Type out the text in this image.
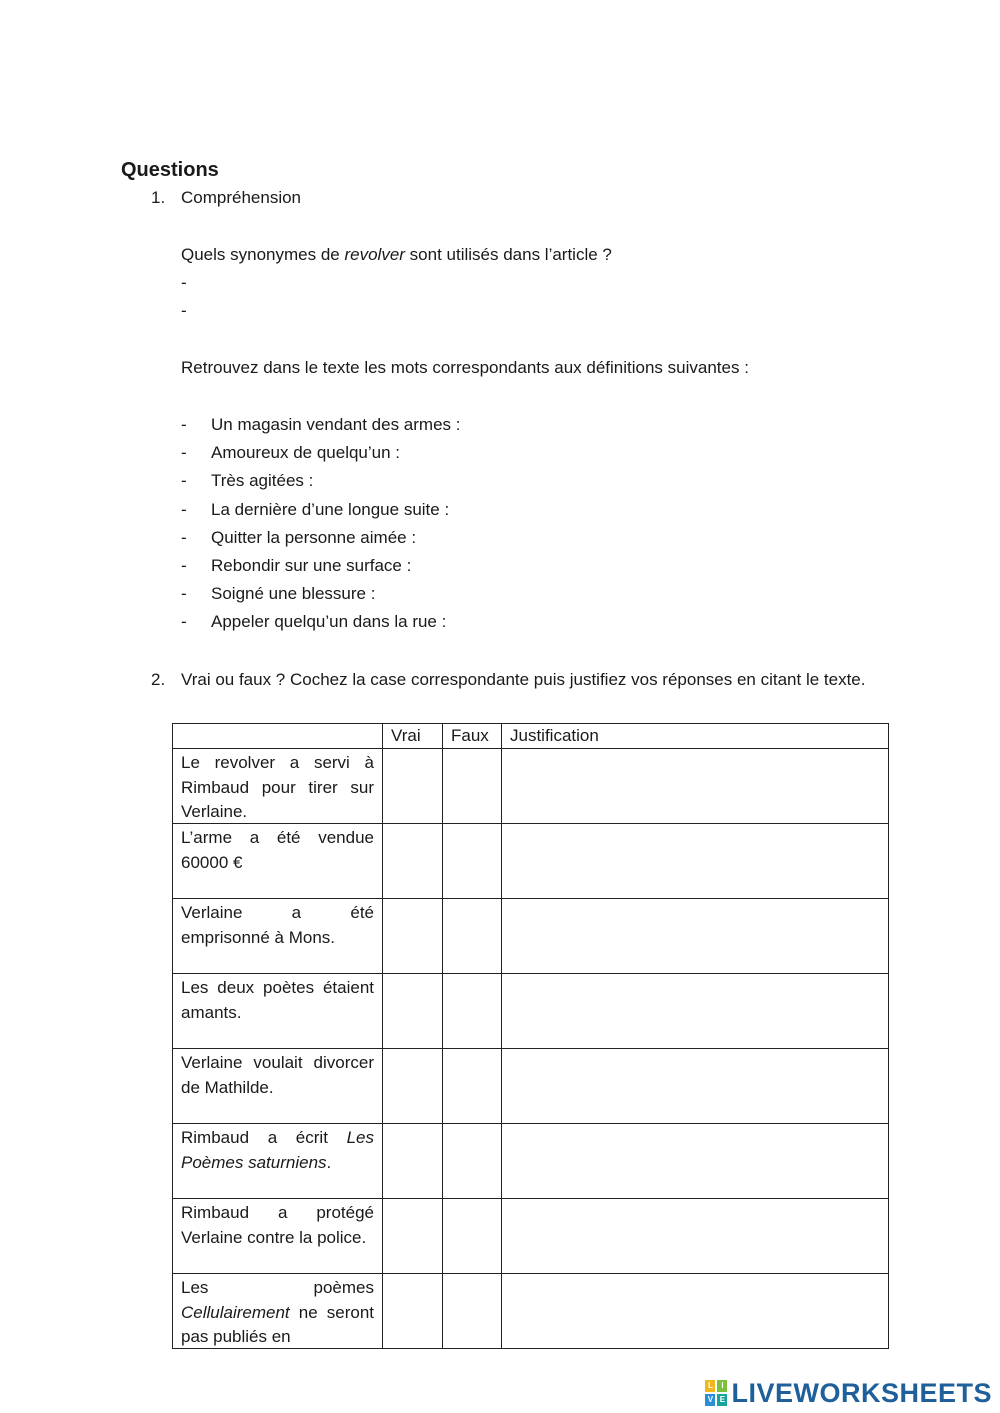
Questions
1. Compréhension
Quels synonymes de revolver sont utilisés dans l’article ?
-
-
Retrouvez dans le texte les mots correspondants aux définitions suivantes :
- Un magasin vendant des armes :
- Amoureux de quelqu’un :
- Très agitées :
- La dernière d’une longue suite :
- Quitter la personne aimée :
- Rebondir sur une surface :
- Soigné une blessure :
- Appeler quelqu’un dans la rue :
2. Vrai ou faux ? Cochez la case correspondante puis justifiez vos réponses en citant le texte.
	Vrai	Faux	Justification

Le revolver a servi à Rimbaud pour tirer sur Verlaine.			

L’arme a été vendue 60000 €			

Verlaine a été emprisonné à Mons.			

Les deux poètes étaient amants.			

Verlaine voulait divorcer de Mathilde.			

Rimbaud a écrit Les Poèmes saturniens.			

Rimbaud a protégé Verlaine contre la police.			

Les poèmes Cellulairement ne seront pas publiés en			

L	I
V E LIVEWORKSHEETS
